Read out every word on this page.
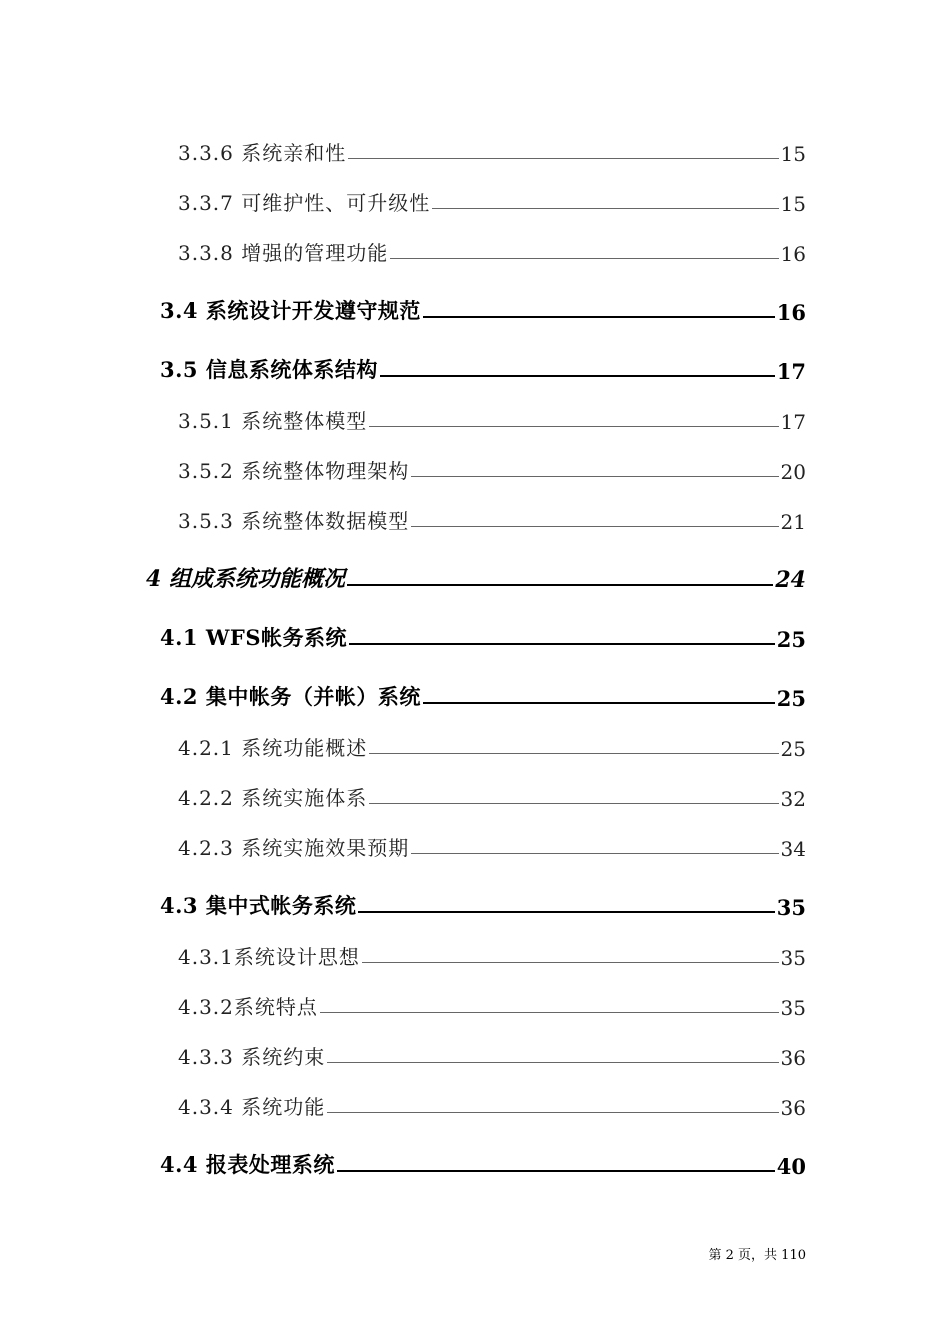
3.3.6 系统亲和性	15
3.3.7 可维护性、可升级性	15
3.3.8 增强的管理功能	16
3.4 系统设计开发遵守规范	16
3.5 信息系统体系结构	17
3.5.1 系统整体模型	17
3.5.2 系统整体物理架构	20
3.5.3 系统整体数据模型	21
4 组成系统功能概况	24
4.1 WFS帐务系统	25
4.2 集中帐务（并帐）系统	25
4.2.1 系统功能概述	25
4.2.2 系统实施体系	32
4.2.3 系统实施效果预期	34
4.3 集中式帐务系统	35
4.3.1系统设计思想	35
4.3.2系统特点	35
4.3.3 系统约束	36
4.3.4 系统功能	36
4.4 报表处理系统	40
第 2 页，共 110
